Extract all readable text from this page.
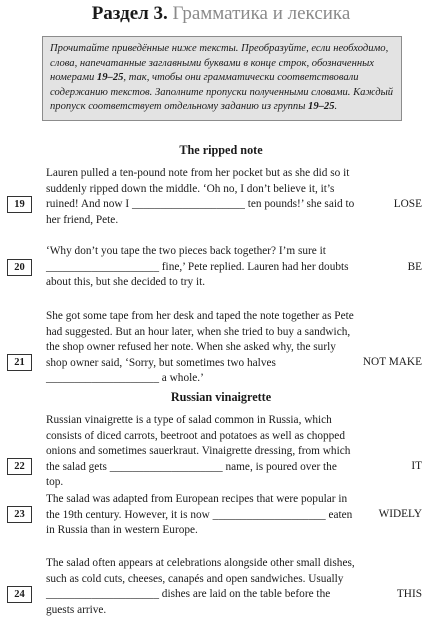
Раздел 3. Грамматика и лексика
Прочитайте приведённые ниже тексты. Преобразуйте, если необходимо, слова, напечатанные заглавными буквами в конце строк, обозначенных номерами 19–25, так, чтобы они грамматически соответствовали содержанию текстов. Заполните пропуски полученными словами. Каждый пропуск соответствует отдельному заданию из группы 19–25.
The ripped note
Lauren pulled a ten-pound note from her pocket but as she did so it suddenly ripped down the middle. ‘Oh no, I don’t believe it, it’s ruined! And now I ____________________ ten pounds!’ she said to her friend, Pete.
19	LOSE
‘Why don’t you tape the two pieces back together? I’m sure it ____________________ fine,’ Pete replied. Lauren had her doubts about this, but she decided to try it.
20	BE
She got some tape from her desk and taped the note together as Pete had suggested. But an hour later, when she tried to buy a sandwich, the shop owner refused her note. When she asked why, the surly shop owner said, ‘Sorry, but sometimes two halves ____________________ a whole.’
21	NOT MAKE
Russian vinaigrette
Russian vinaigrette is a type of salad common in Russia, which consists of diced carrots, beetroot and potatoes as well as chopped onions and sometimes sauerkraut. Vinaigrette dressing, from which the salad gets ____________________ name, is poured over the top.
22	IT
The salad was adapted from European recipes that were popular in the 19th century. However, it is now ____________________ eaten in Russia than in western Europe.
23	WIDELY
The salad often appears at celebrations alongside other small dishes, such as cold cuts, cheeses, canapés and open sandwiches. Usually ____________________ dishes are laid on the table before the guests arrive.
24	THIS
